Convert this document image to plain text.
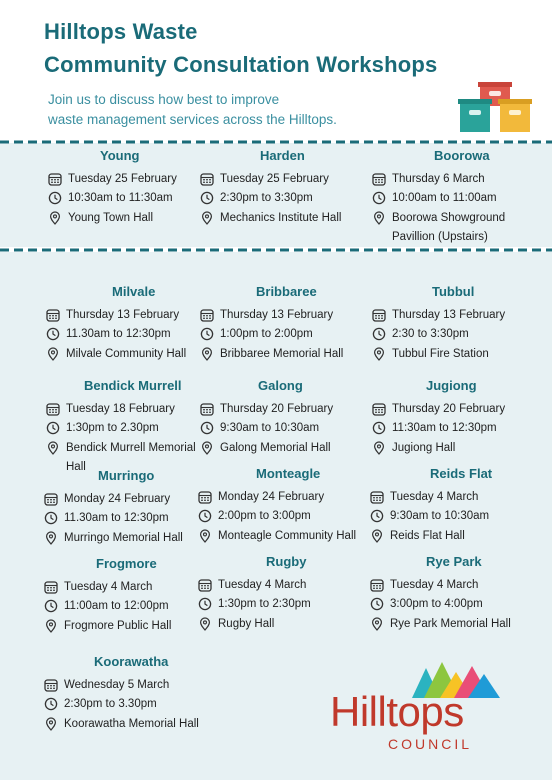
Hilltops Waste
Community Consultation Workshops
Join us to discuss how best to improve
waste management services across the Hilltops.
Young
Tuesday 25 February
10:30am to 11:30am
Young Town Hall
Harden
Tuesday 25 February
2:30pm to 3:30pm
Mechanics Institute Hall
Boorowa
Thursday 6 March
10:00am to 11:00am
Boorowa Showground Pavillion (Upstairs)
Milvale
Thursday 13 February
11.30am to 12:30pm
Milvale Community Hall
Bribbaree
Thursday 13 February
1:00pm to 2:00pm
Bribbaree Memorial Hall
Tubbul
Thursday 13 February
2:30 to 3:30pm
Tubbul Fire Station
Bendick Murrell
Tuesday 18 February
1:30pm to 2.30pm
Bendick Murrell Memorial Hall
Galong
Thursday 20 February
9:30am to 10:30am
Galong Memorial Hall
Jugiong
Thursday 20 February
11:30am to 12:30pm
Jugiong Hall
Murringo
Monday 24 February
11.30am to 12:30pm
Murringo Memorial Hall
Monteagle
Monday 24 February
2:00pm to 3:00pm
Monteagle Community Hall
Reids Flat
Tuesday 4 March
9:30am to 10:30am
Reids Flat Hall
Frogmore
Tuesday 4 March
11:00am to 12:00pm
Frogmore Public Hall
Rugby
Tuesday 4 March
1:30pm to 2:30pm
Rugby Hall
Rye Park
Tuesday 4 March
3:00pm to 4:00pm
Rye Park Memorial Hall
Koorawatha
Wednesday 5 March
2:30pm to 3.30pm
Koorawatha Memorial Hall	Hilltops
COUNCIL
